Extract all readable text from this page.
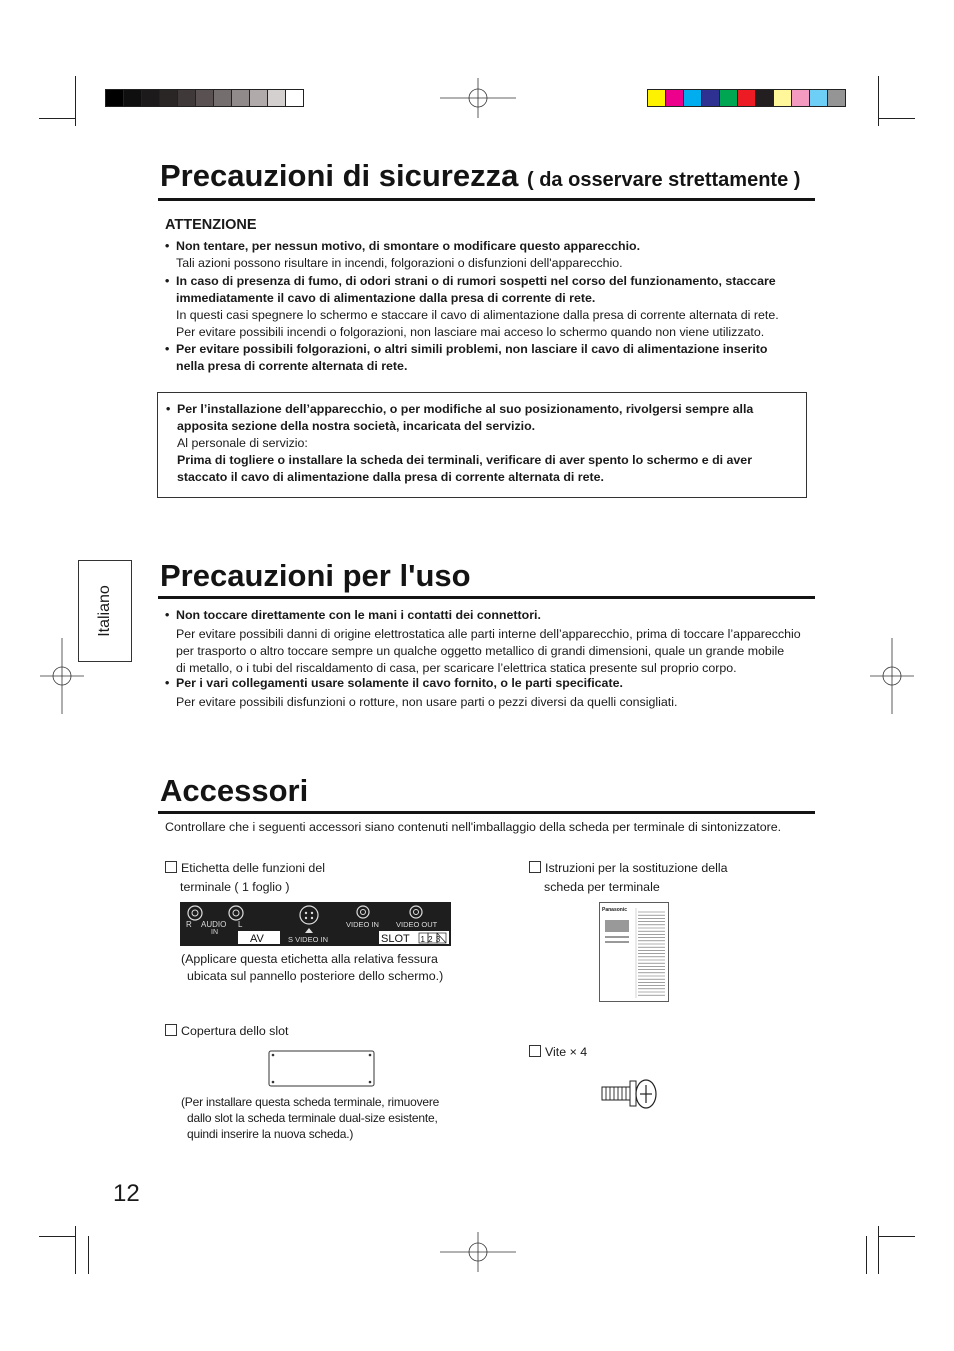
Precauzioni di sicurezza ( da osservare strettamente )
ATTENZIONE
• Non tentare, per nessun motivo, di smontare o modificare questo apparecchio.
Tali azioni possono risultare in incendi, folgorazioni o disfunzioni dell'apparecchio.
• In caso di presenza di fumo, di odori strani o di rumori sospetti nel corso del funzionamento, staccare
immediatamente il cavo di alimentazione dalla presa di corrente di rete.
In questi casi spegnere lo schermo e staccare il cavo di alimentazione dalla presa di corrente alternata di rete.
Per evitare possibili incendi o folgorazioni, non lasciare mai acceso lo schermo quando non viene utilizzato.
• Per evitare possibili folgorazioni, o altri simili problemi, non lasciare il cavo di alimentazione inserito
nella presa di corrente alternata di rete.
• Per l’installazione dell’apparecchio, o per modifiche al suo posizionamento, rivolgersi sempre alla
apposita sezione della nostra società, incaricata del servizio.
Al personale di servizio:
Prima di togliere o installare la scheda dei terminali, verificare di aver spento lo schermo e di aver
staccato il cavo di alimentazione dalla presa di corrente alternata di rete.
Italiano
Precauzioni per l'uso
• Non toccare direttamente con le mani i contatti dei connettori.
Per evitare possibili danni di origine elettrostatica alle parti interne dell’apparecchio, prima di toccare l’apparecchio
per trasporto o altro toccare sempre un qualche oggetto metallico di grandi dimensioni, quale un grande mobile
di metallo, o i tubi del riscaldamento di casa, per scaricare l’elettrica statica presente sul proprio corpo.
• Per i vari collegamenti usare solamente il cavo fornito, o le parti specificate.
Per evitare possibili disfunzioni o rotture, non usare parti o pezzi diversi da quelli consigliati.
Accessori
Controllare che i seguenti accessori siano contenuti nell'imballaggio della scheda per terminale di sintonizzatore.
Etichetta delle funzioni del
terminale ( 1 foglio )
R AUDIO L
IN
AV	S VIDEO IN
VIDEO IN VIDEO OUT
SLOT 123
(Applicare questa etichetta alla relativa fessura
ubicata sul pannello posteriore dello schermo.)
Istruzioni per la sostituzione della
scheda per terminale
Panasonic
Copertura dello slot
(Per installare questa scheda terminale, rimuovere
dallo slot la scheda terminale dual-size esistente,
quindi inserire la nuova scheda.)
Vite × 4
12
